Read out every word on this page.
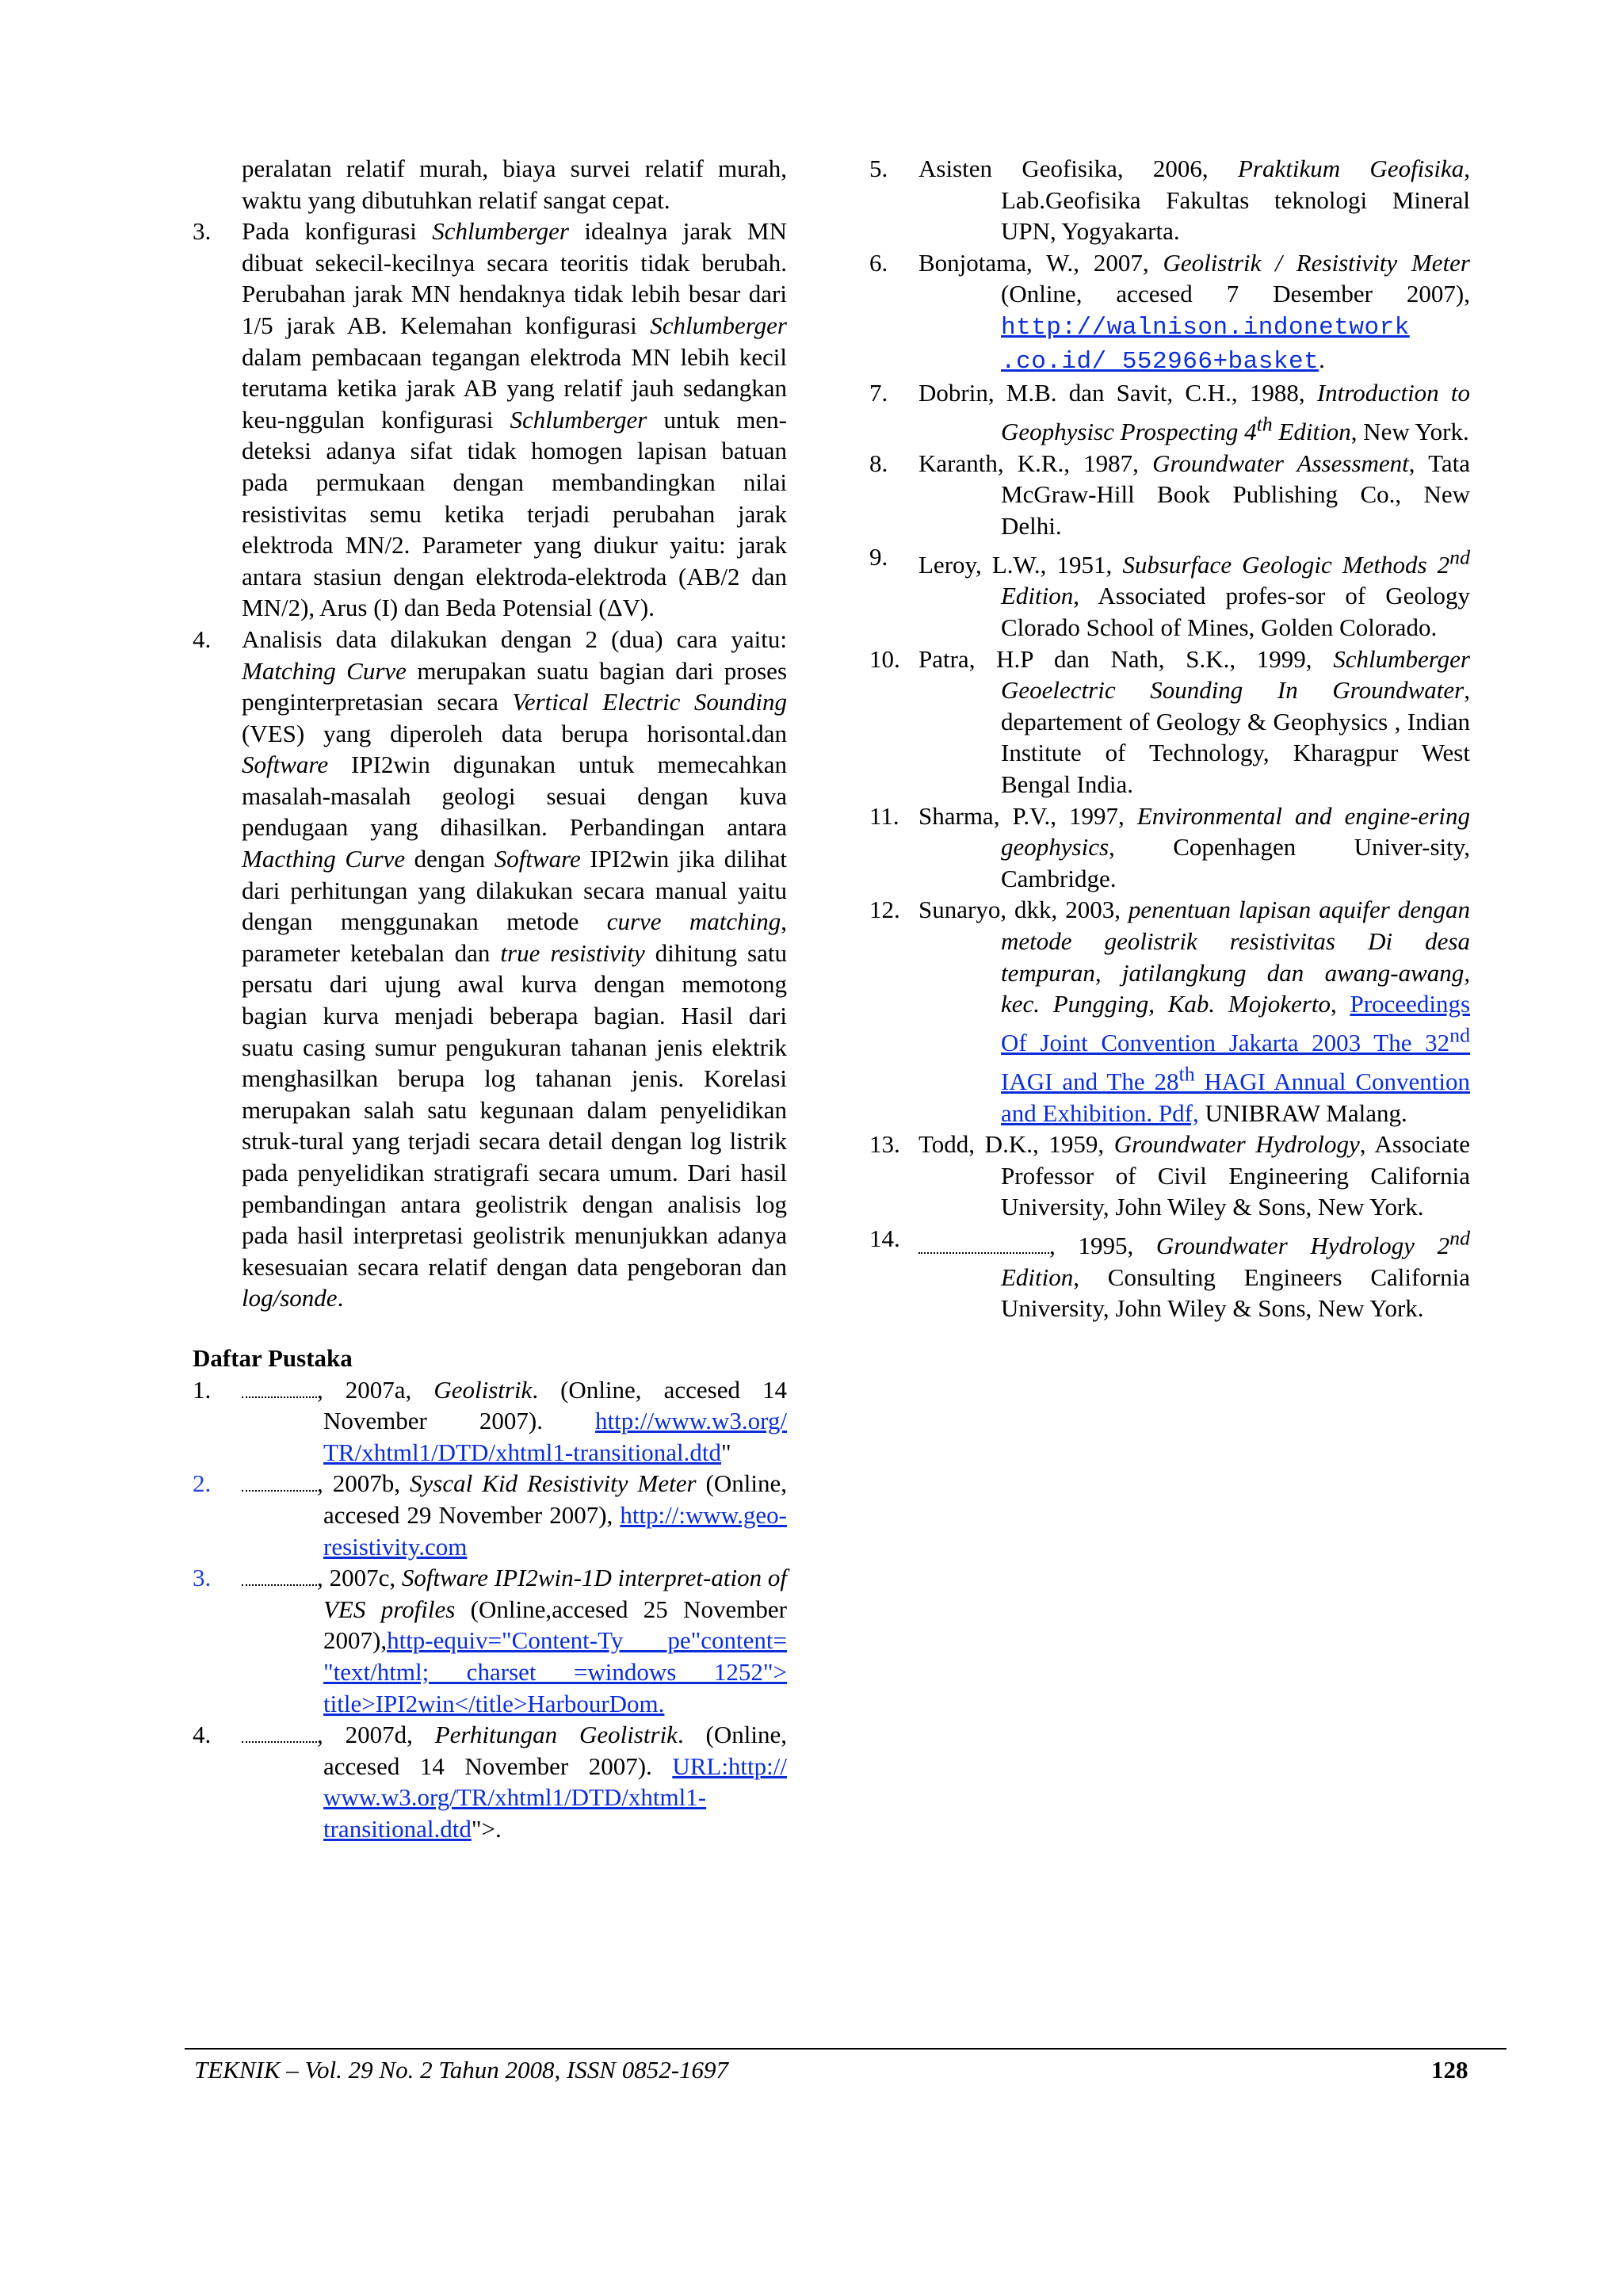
peralatan relatif murah, biaya survei relatif murah, waktu yang dibutuhkan relatif sangat cepat.

3. Pada konfigurasi Schlumberger idealnya jarak MN dibuat sekecil-kecilnya secara teoritis tidak berubah. Perubahan jarak MN hendaknya tidak lebih besar dari 1/5 jarak AB. Kelemahan konfigurasi Schlumberger dalam pembacaan tegangan elektroda MN lebih kecil terutama ketika jarak AB yang relatif jauh sedangkan keu-nggulan konfigurasi Schlumberger untuk men-deteksi adanya sifat tidak homogen lapisan batuan pada permukaan dengan membandingkan nilai resistivitas semu ketika terjadi perubahan jarak elektroda MN/2. Parameter yang diukur yaitu: jarak antara stasiun dengan elektroda-elektroda (AB/2 dan MN/2), Arus (I) dan Beda Potensial (ΔV).
4. Analisis data dilakukan dengan 2 (dua) cara yaitu: Matching Curve merupakan suatu bagian dari proses penginterpretasian secara Vertical Electric Sounding (VES) yang diperoleh data berupa horisontal.dan Software IPI2win digunakan untuk memecahkan masalah-masalah geologi sesuai dengan kuva pendugaan yang dihasilkan. Perbandingan antara Macthing Curve dengan Software IPI2win jika dilihat dari perhitungan yang dilakukan secara manual yaitu dengan menggunakan metode curve matching, parameter ketebalan dan true resistivity dihitung satu persatu dari ujung awal kurva dengan memotong bagian kurva menjadi beberapa bagian. Hasil dari suatu casing sumur pengukuran tahanan jenis elektrik menghasilkan berupa log tahanan jenis. Korelasi merupakan salah satu kegunaan dalam penyelidikan struk-tural yang terjadi secara detail dengan log listrik pada penyelidikan stratigrafi secara umum. Dari hasil pembandingan antara geolistrik dengan analisis log pada hasil interpretasi geolistrik menunjukkan adanya kesesuaian secara relatif dengan data pengeboran dan log/sonde.
Daftar Pustaka
1.	, 2007a, Geolistrik. (Online, accesed 14 November 2007). http://www.w3.org/ TR/xhtml1/DTD/xhtml1-transitional.dtd"
2.	, 2007b, Syscal Kid Resistivity Meter (Online, accesed 29 November 2007), http://:www.geo-resistivity.com
3.	, 2007c, Software IPI2win-1D interpret-ation of VES profiles (Online,accesed 25 November 2007),http-equiv="Content-Ty pe"content= "text/html; charset =windows 1252"> title>IPI2win</title>HarbourDom.
4.	, 2007d, Perhitungan Geolistrik. (Online, accesed 14 November 2007). URL:http:// www.w3.org/TR/xhtml1/DTD/xhtml1-transitional.dtd">.
5. Asisten Geofisika, 2006, Praktikum Geofisika, Lab.Geofisika Fakultas teknologi Mineral UPN, Yogyakarta.
6. Bonjotama, W., 2007, Geolistrik / Resistivity Meter (Online, accesed 7 Desember 2007), http://walnison.indonetwork .co.id/ 552966+basket.
7. Dobrin, M.B. dan Savit, C.H., 1988, Introduction to Geophysisc Prospecting 4th Edition, New York.
8. Karanth, K.R., 1987, Groundwater Assessment, Tata McGraw-Hill Book Publishing Co., New Delhi.
9. Leroy, L.W., 1951, Subsurface Geologic Methods 2nd Edition, Associated profes-sor of Geology Clorado School of Mines, Golden Colorado.
10. Patra, H.P dan Nath, S.K., 1999, Schlumberger Geoelectric Sounding In Groundwater, departement of Geology & Geophysics , Indian Institute of Technology, Kharagpur West Bengal India.
11. Sharma, P.V., 1997, Environmental and engine-ering geophysics, Copenhagen Univer-sity, Cambridge.
12. Sunaryo, dkk, 2003, penentuan lapisan aquifer dengan metode geolistrik resistivitas Di desa tempuran, jatilangkung dan awang-awang, kec. Pungging, Kab. Mojokerto, Proceedings Of Joint Convention Jakarta 2003 The 32nd IAGI and The 28th HAGI Annual Convention and Exhibition. Pdf, UNIBRAW Malang.
13. Todd, D.K., 1959, Groundwater Hydrology, Associate Professor of Civil Engineering California University, John Wiley & Sons, New York.
14.	, 1995, Groundwater Hydrology 2nd Edition, Consulting Engineers California University, John Wiley & Sons, New York.
TEKNIK – Vol. 29 No. 2 Tahun 2008, ISSN 0852-1697	128
